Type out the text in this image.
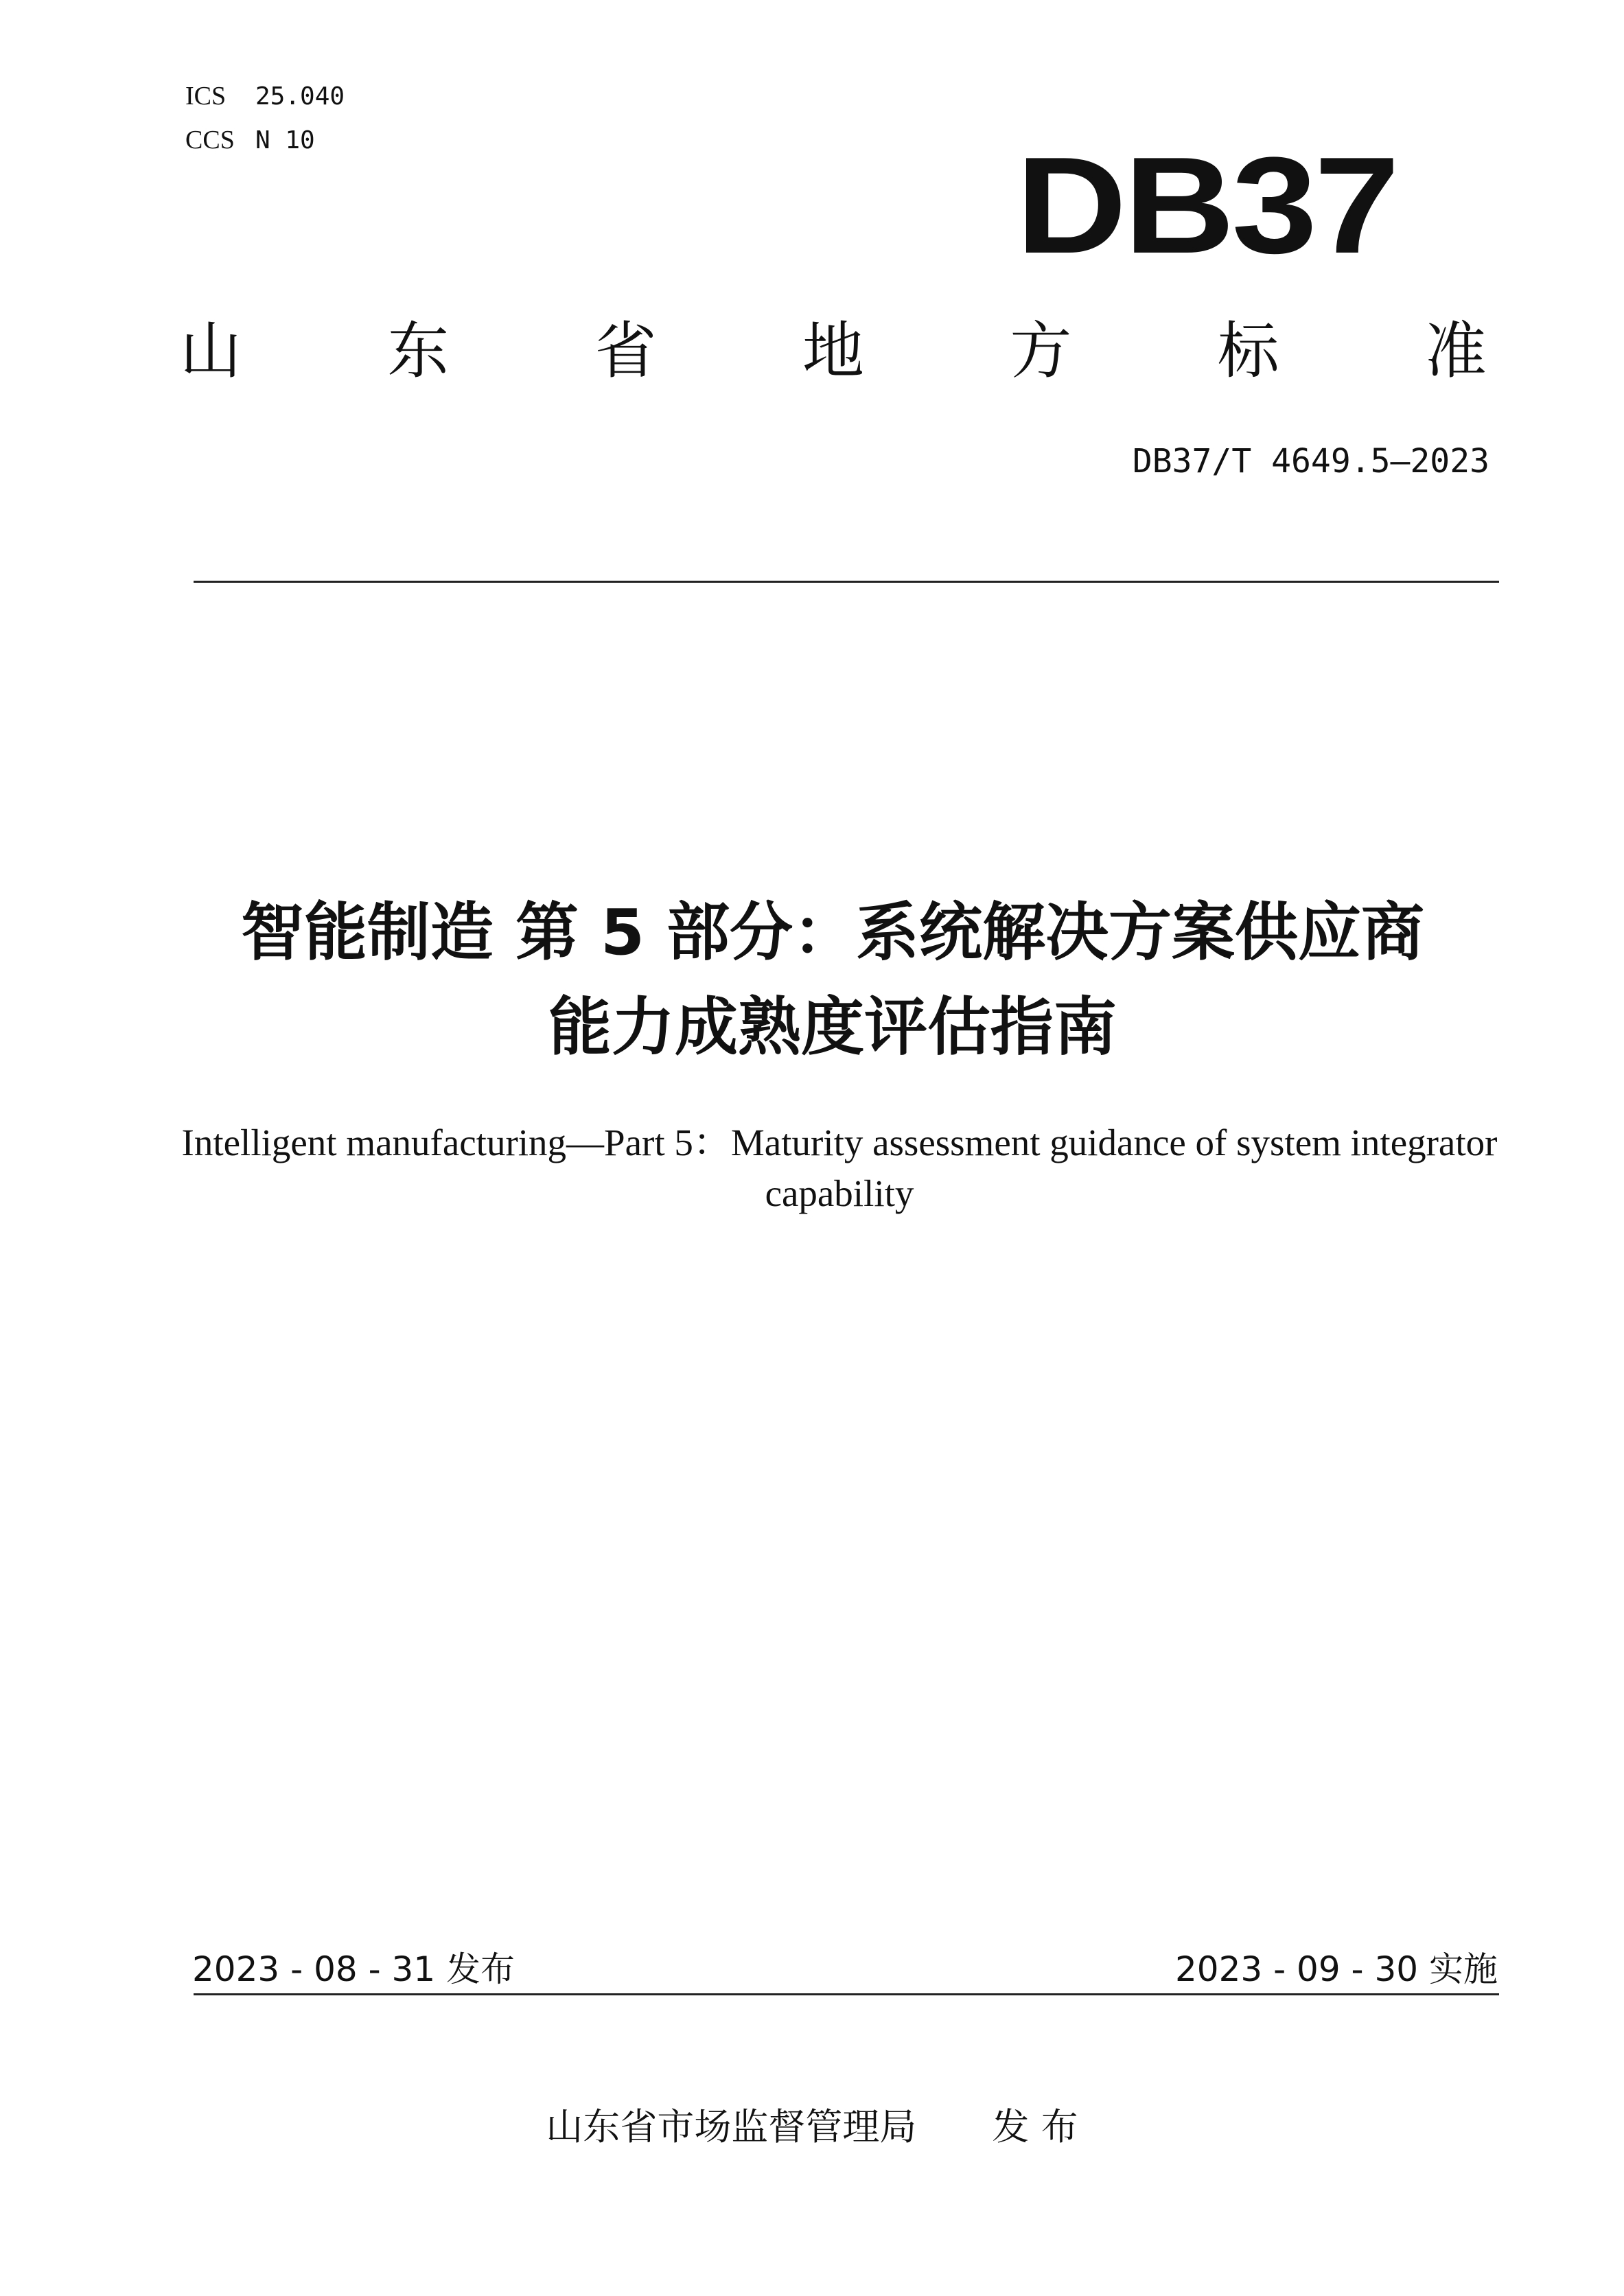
ICS 25.040
CCS N 10	DB37
山 东 省 地 方 标 准
DB37/T 4649.5—2023
智能制造 第 5 部分：系统解决方案供应商
能力成熟度评估指南
Intelligent manufacturing—Part 5：Maturity assessment guidance of system integrator
capability
2023 - 08 - 31 发布	2023 - 09 - 30 实施
山东省市场监督管理局 发 布
